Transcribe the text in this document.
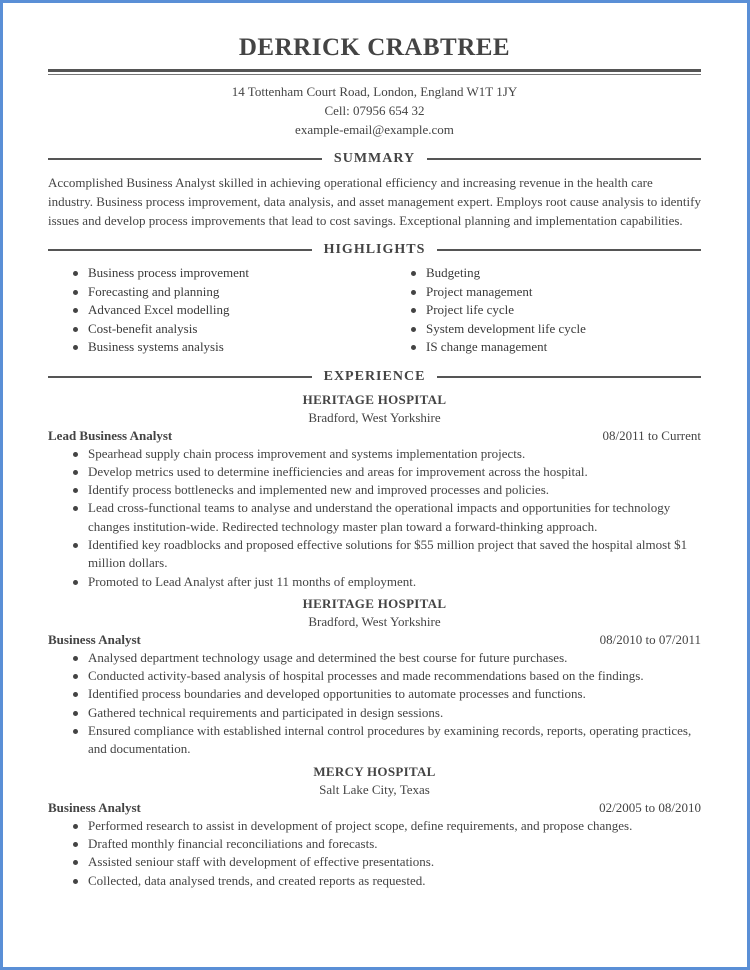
DERRICK CRABTREE
14 Tottenham Court Road, London, England W1T 1JY
Cell: 07956 654 32
example-email@example.com
SUMMARY
Accomplished Business Analyst skilled in achieving operational efficiency and increasing revenue in the health care industry. Business process improvement, data analysis, and asset management expert. Employs root cause analysis to identify issues and develop process improvements that lead to cost savings. Exceptional planning and implementation capabilities.
HIGHLIGHTS
Business process improvement
Forecasting and planning
Advanced Excel modelling
Cost-benefit analysis
Business systems analysis
Budgeting
Project management
Project life cycle
System development life cycle
IS change management
EXPERIENCE
HERITAGE HOSPITAL
Bradford, West Yorkshire
Lead Business Analyst	08/2011 to Current
Spearhead supply chain process improvement and systems implementation projects.
Develop metrics used to determine inefficiencies and areas for improvement across the hospital.
Identify process bottlenecks and implemented new and improved processes and policies.
Lead cross-functional teams to analyse and understand the operational impacts and opportunities for technology changes institution-wide. Redirected technology master plan toward a forward-thinking approach.
Identified key roadblocks and proposed effective solutions for $55 million project that saved the hospital almost $1 million dollars.
Promoted to Lead Analyst after just 11 months of employment.
HERITAGE HOSPITAL
Bradford, West Yorkshire
Business Analyst	08/2010 to 07/2011
Analysed department technology usage and determined the best course for future purchases.
Conducted activity-based analysis of hospital processes and made recommendations based on the findings.
Identified process boundaries and developed opportunities to automate processes and functions.
Gathered technical requirements and participated in design sessions.
Ensured compliance with established internal control procedures by examining records, reports, operating practices, and documentation.
MERCY HOSPITAL
Salt Lake City, Texas
Business Analyst	02/2005 to 08/2010
Performed research to assist in development of project scope, define requirements, and propose changes.
Drafted monthly financial reconciliations and forecasts.
Assisted seniour staff with development of effective presentations.
Collected, data analysed trends, and created reports as requested.
